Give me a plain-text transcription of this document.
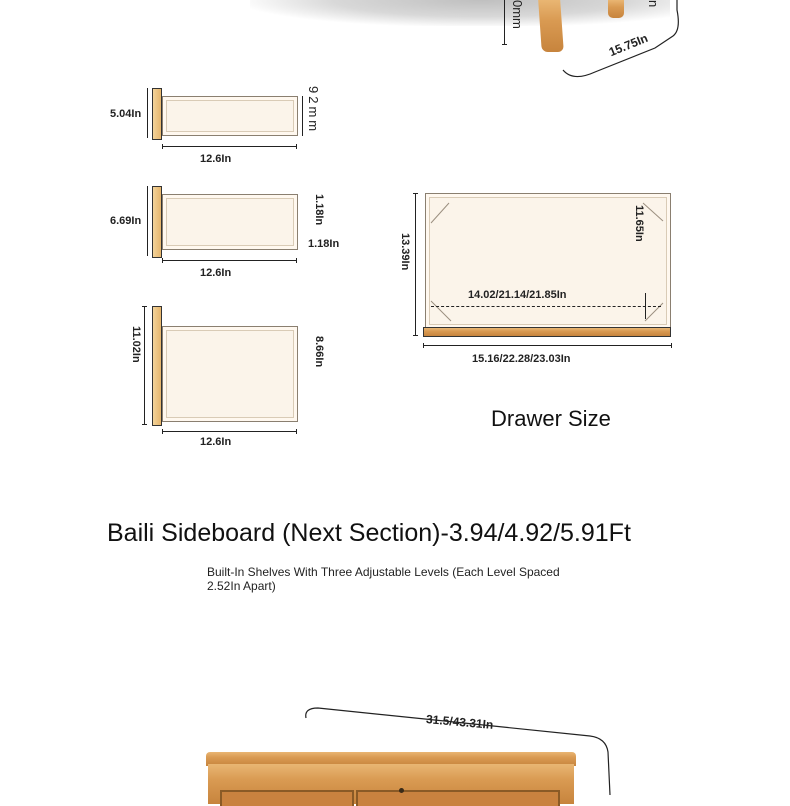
0mm	n
15.75In
5.04In
12.6In
92mm
6.69In
12.6In
1.18In
1.18In
11.02In
12.6In
8.66In
13.39In
11.65In
14.02/21.14/21.85In
15.16/22.28/23.03In
Drawer Size
Baili Sideboard (Next Section)-3.94/4.92/5.91Ft
Built-In Shelves With Three Adjustable Levels (Each Level Spaced 2.52In Apart)
31.5/43.31In
